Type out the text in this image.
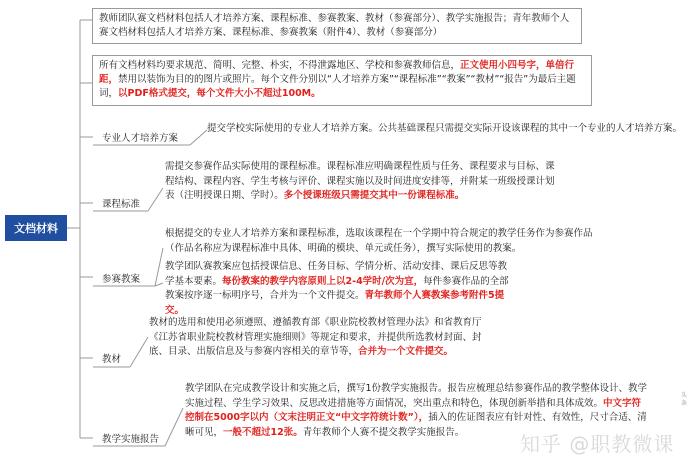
文档材料
教师团队赛文档材料包括人才培养方案、课程标准、参赛教案、教材（参赛部分）、教学实施报告；青年教师个人赛文档材料包括人才培养方案、课程标准、参赛教案（附件4）、教材（参赛部分）
所有文档材料均要求规范、简明、完整、朴实，不得泄露地区、学校和参赛教师信息，正文使用小四号字，单倍行距，禁用以装饰为目的的图片或照片。每个文件分别以“人才培养方案”“课程标准”“教案”“教材”“报告”为最后主题词，以PDF格式提交，每个文件大小不超过100M。
专业人才培养方案
提交学校实际使用的专业人才培养方案。公共基础课程只需提交实际开设该课程的其中一个专业的人才培养方案。
课程标准
需提交参赛作品实际使用的课程标准。课程标准应明确课程性质与任务、课程要求与目标、课程结构、课程内容、学生考核与评价、课程实施以及时间进度安排等，并附某一班级授课计划表（注明授课日期、学时）。多个授课班级只需提交其中一份课程标准。
参赛教案
根据提交的专业人才培养方案和课程标准，选取该课程在一个学期中符合规定的教学任务作为参赛作品（作品名称应为课程标准中具体、明确的模块、单元或任务），撰写实际使用的教案。
教学团队赛教案应包括授课信息、任务目标、学情分析、活动安排、课后反思等教学基本要素。每份教案的教学内容原则上以2-4学时/次为宜，每件参赛作品的全部教案按序逐一标明序号，合并为一个文件提交。青年教师个人赛教案参考附件5提交。
教材
教材的选用和使用必须遵照、遵循教育部《职业院校教材管理办法》和省教育厅《江苏省职业院校教材管理实施细则》等规定和要求，并提供所选教材封面、封底、目录、出版信息及与参赛内容相关的章节等，合并为一个文件提交。
教学实施报告
教学团队在完成教学设计和实施之后，撰写1份教学实施报告。报告应梳理总结参赛作品的教学整体设计、教学实施过程、学生学习效果、反思改进措施等方面情况，突出重点和特色，体现创新举措和具体成效。中文字符控制在5000字以内（文末注明正文“中文字符统计数”），插入的佐证图表应有针对性、有效性，尺寸合适、清晰可见，一般不超过12张。青年教师个人赛不提交教学实施报告。	知乎 @职教微课
头条
